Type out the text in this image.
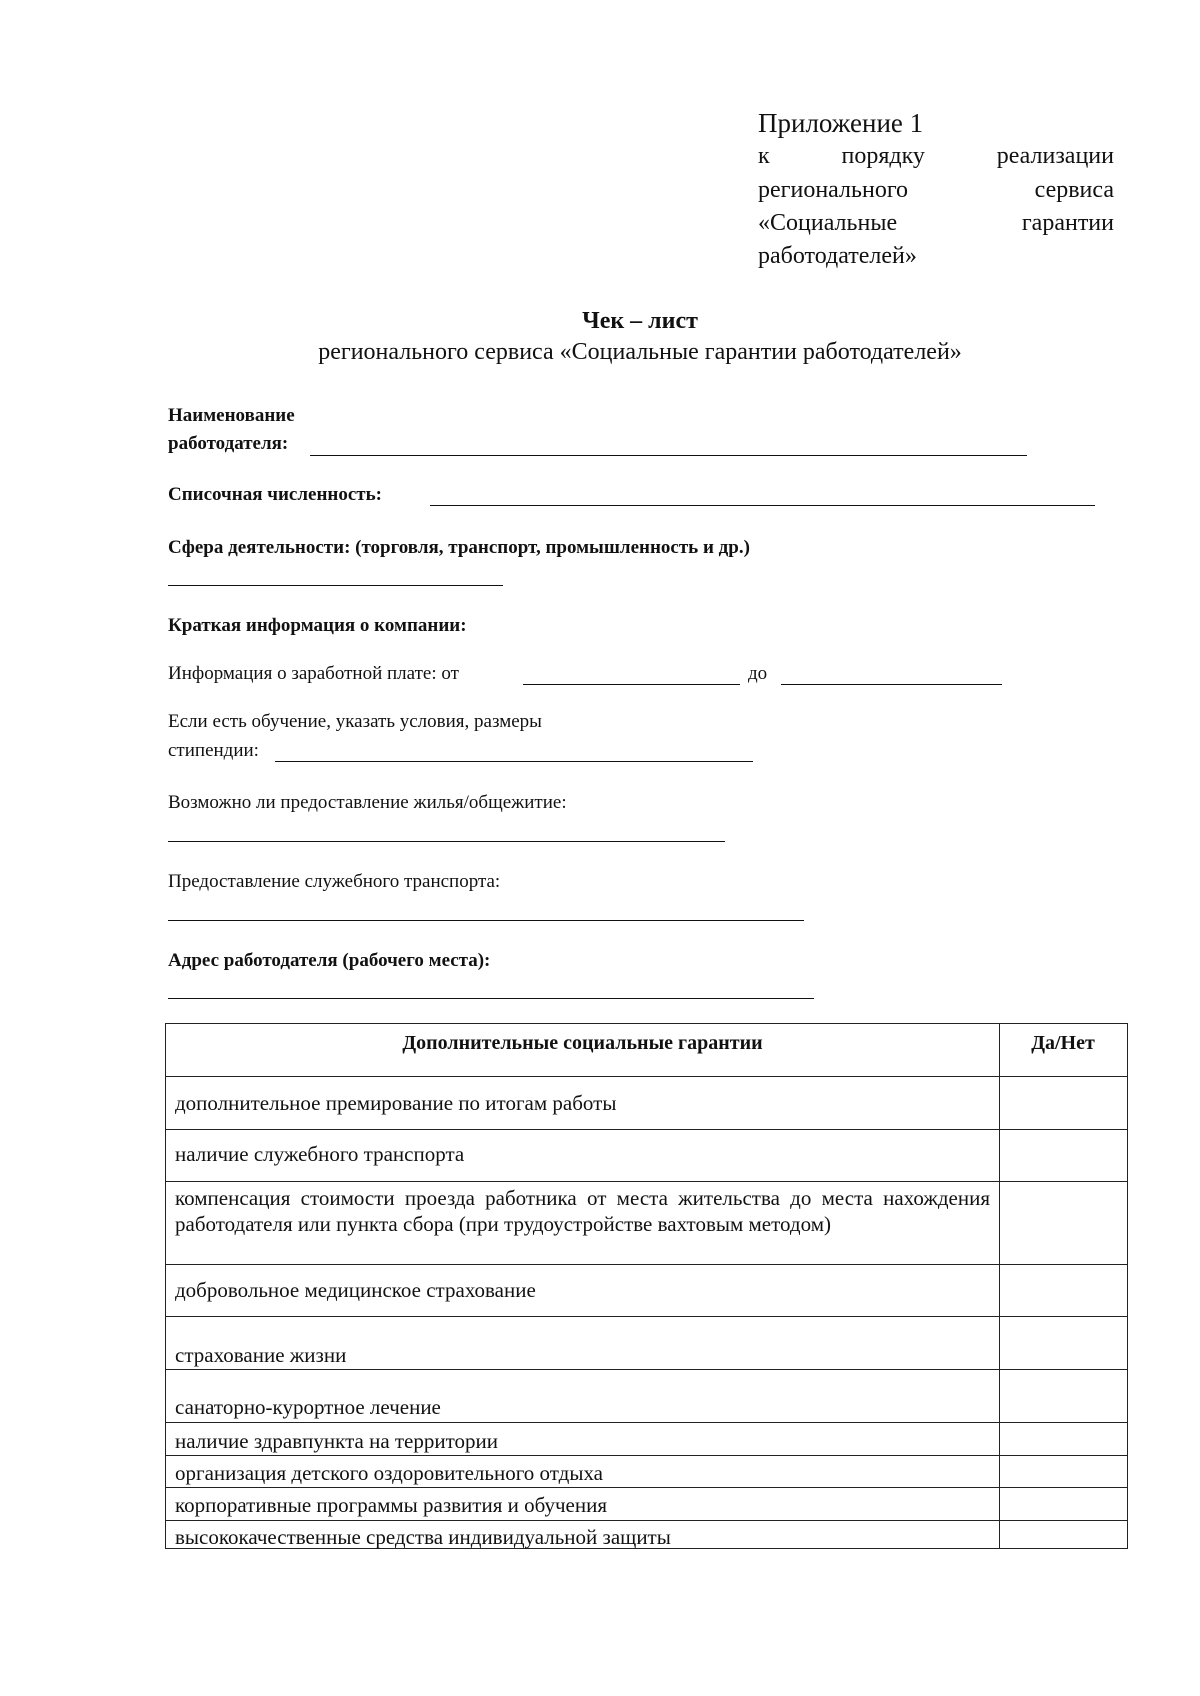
Приложение 1
к	порядку	реализации
регионального	сервиса
«Социальные	гарантии
работодателей»
Чек – лист
регионального сервиса «Социальные гарантии работодателей»
Наименование
работодателя:
Списочная численность:
Сфера деятельности: (торговля, транспорт, промышленность и др.)
Краткая информация о компании:
Информация о заработной плате: от	до
Если есть обучение, указать условия, размеры
стипендии:
Возможно ли предоставление жилья/общежитие:
Предоставление служебного транспорта:
Адрес работодателя (рабочего места):
Дополнительные социальные гарантии	Да/Нет
дополнительное премирование по итогам работы
наличие служебного транспорта
компенсация стоимости проезда работника от места жительства до места нахождения работодателя или пункта сбора (при трудоустройстве вахтовым методом)
добровольное медицинское страхование
страхование жизни
санаторно-курортное лечение
наличие здравпункта на территории
организация детского оздоровительного отдыха
корпоративные программы развития и обучения
высококачественные средства индивидуальной защиты
